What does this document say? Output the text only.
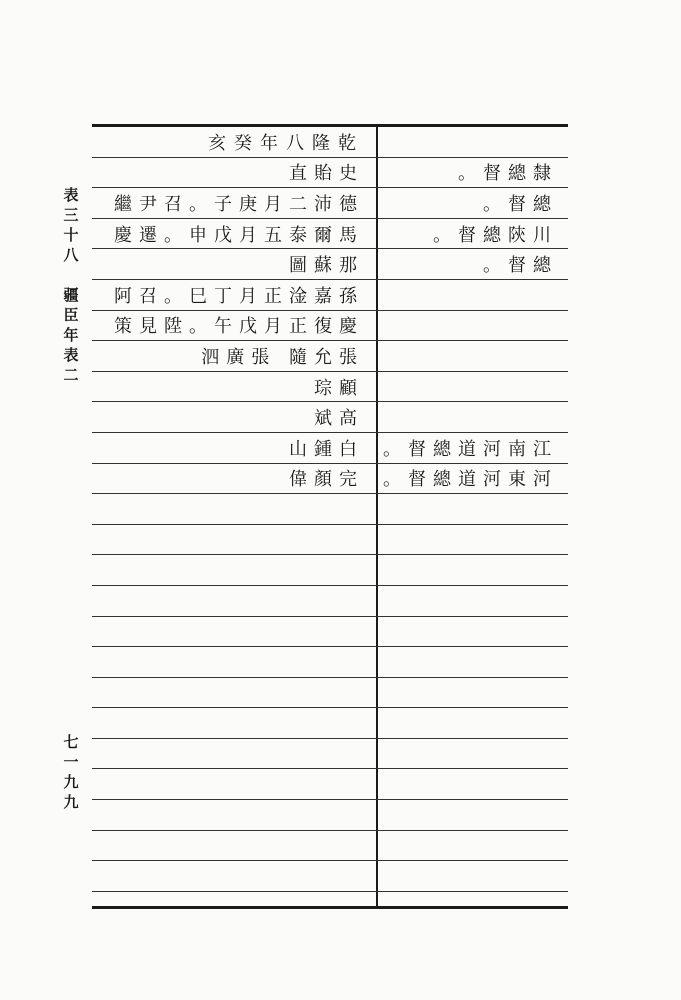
表
三
十
八
疆
臣
年
表
二
七
一
九
九
乾隆八年癸亥
史貽直	隸總督。
德沛二月庚子。召尹繼	總督。
馬爾泰五月戊申。遷慶	川陝總督。
那蘇圖	總督。
孫嘉淦正月丁巳。召阿
慶復正月戊午。陞見策
張允隨 張廣泗
顧琮
高斌
白鍾山 江南河道總督。
完顏偉 河東河道總督。
